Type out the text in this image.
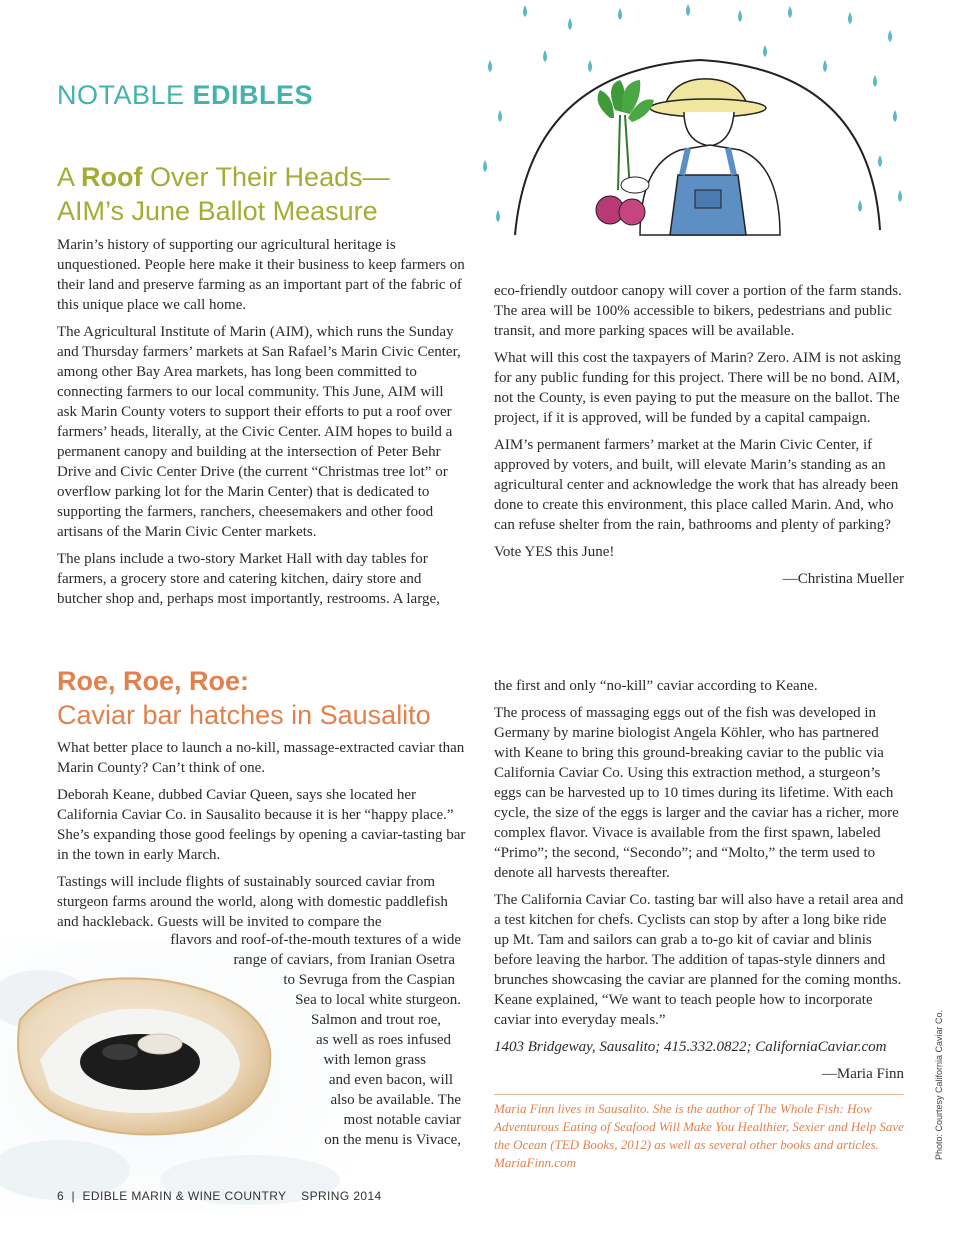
NOTABLE EDIBLES
A Roof Over Their Heads—
AIM’s June Ballot Measure

Marin’s history of supporting our agricultural heritage is unquestioned. People here make it their business to keep farmers on their land and preserve farming as an important part of the fabric of this unique place we call home.

The Agricultural Institute of Marin (AIM), which runs the Sunday and Thursday farmers’ markets at San Rafael’s Marin Civic Center, among other Bay Area markets, has long been committed to connecting farmers to our local community. This June, AIM will ask Marin County voters to support their efforts to put a roof over farmers’ heads, literally, at the Civic Center. AIM hopes to build a permanent canopy and building at the intersection of Peter Behr Drive and Civic Center Drive (the current “Christmas tree lot” or overflow parking lot for the Marin Center) that is dedicated to supporting the farmers, ranchers, cheesemakers and other food artisans of the Marin Civic Center markets.

The plans include a two-story Market Hall with day tables for farmers, a grocery store and catering kitchen, dairy store and butcher shop and, perhaps most importantly, restrooms. A large,

eco-friendly outdoor canopy will cover a portion of the farm stands. The area will be 100% accessible to bikers, pedestrians and public transit, and more parking spaces will be available.

What will this cost the taxpayers of Marin? Zero. AIM is not asking for any public funding for this project. There will be no bond. AIM, not the County, is even paying to put the measure on the ballot. The project, if it is approved, will be funded by a capital campaign.

AIM’s permanent farmers’ market at the Marin Civic Center, if approved by voters, and built, will elevate Marin’s standing as an agricultural center and acknowledge the work that has already been done to create this environment, this place called Marin. And, who can refuse shelter from the rain, bathrooms and plenty of parking?

Vote YES this June!

—Christina Mueller
Roe, Roe, Roe:
Caviar bar hatches in Sausalito

What better place to launch a no-kill, massage-extracted caviar than Marin County? Can’t think of one.

Deborah Keane, dubbed Caviar Queen, says she located her California Caviar Co. in Sausalito because it is her “happy place.” She’s expanding those good feelings by opening a caviar-tasting bar in the town in early March.

Tastings will include flights of sustainably sourced caviar from sturgeon farms around the world, along with domestic paddlefish and hackleback. Guests will be invited to compare the

flavors and roof-of-the-mouth textures of a wide
range of caviars, from Iranian Osetra
to Sevruga from the Caspian
Sea to local white sturgeon.
Salmon and trout roe,
as well as roes infused
with lemon grass
and even bacon, will
also be available. The
most notable caviar
on the menu is Vivace,

the first and only “no-kill” caviar according to Keane.

The process of massaging eggs out of the fish was developed in Germany by marine biologist Angela Köhler, who has partnered with Keane to bring this ground-breaking caviar to the public via California Caviar Co. Using this extraction method, a sturgeon’s eggs can be harvested up to 10 times during its lifetime. With each cycle, the size of the eggs is larger and the caviar has a richer, more complex flavor. Vivace is available from the first spawn, labeled “Primo”; the second, “Secondo”; and “Molto,” the term used to denote all harvests thereafter.

The California Caviar Co. tasting bar will also have a retail area and a test kitchen for chefs. Cyclists can stop by after a long bike ride up Mt. Tam and sailors can grab a to-go kit of caviar and blinis before leaving the harbor. The addition of tapas-style dinners and brunches showcasing the caviar are planned for the coming months. Keane explained, “We want to teach people how to incorporate caviar into everyday meals.”

1403 Bridgeway, Sausalito; 415.332.0822; CaliforniaCaviar.com

—Maria Finn
Maria Finn lives in Sausalito. She is the author of The Whole Fish: How Adventurous Eating of Seafood Will Make You Healthier, Sexier and Help Save the Ocean (TED Books, 2012) as well as several other books and articles. MariaFinn.com
Photo: Courtesy California Caviar Co.
6  |  EDIBLE MARIN & WINE COUNTRY    SPRING 2014
